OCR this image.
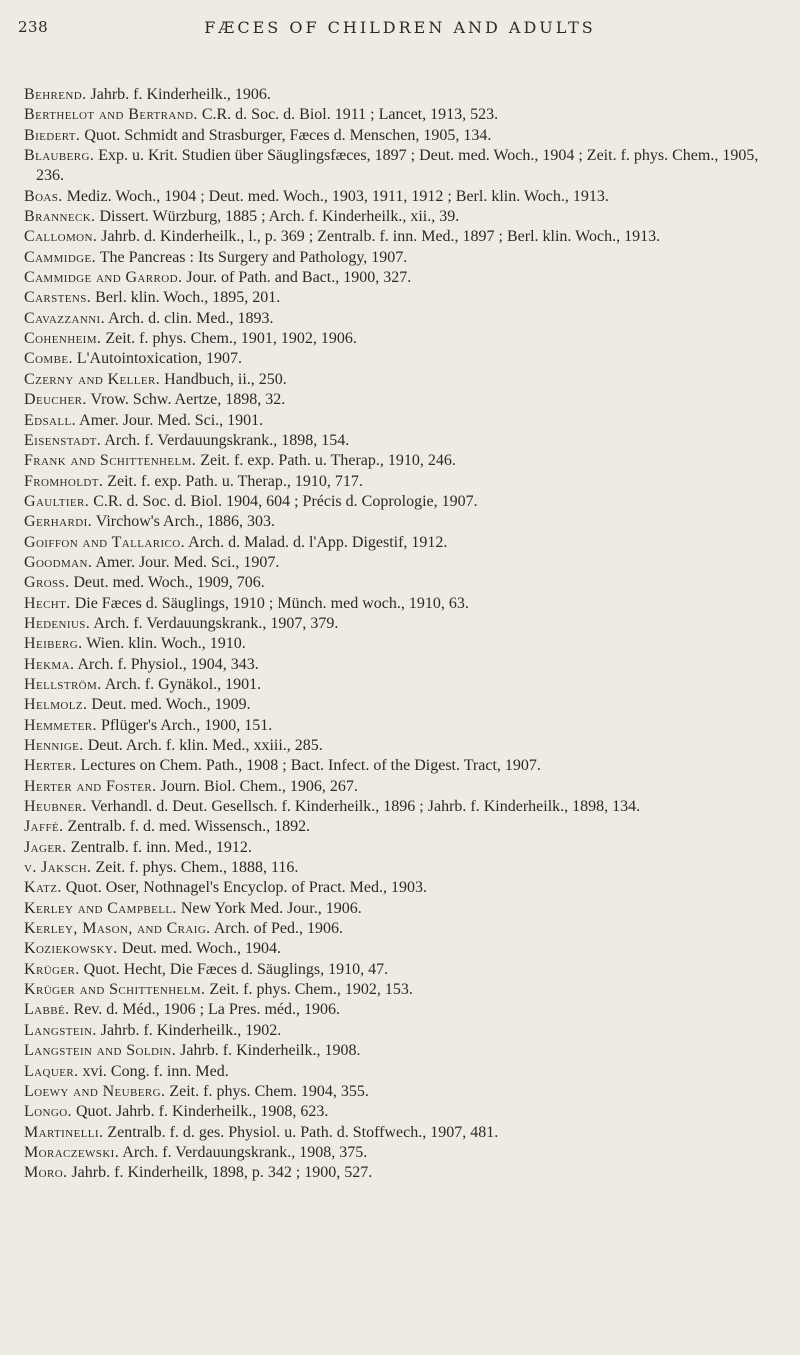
238	FÆCES OF CHILDREN AND ADULTS

Behrend. Jahrb. f. Kinderheilk., 1906.

Berthelot and Bertrand. C.R. d. Soc. d. Biol. 1911 ; Lancet, 1913, 523.

Biedert. Quot. Schmidt and Strasburger, Fæces d. Menschen, 1905, 134.

Blauberg. Exp. u. Krit. Studien über Säuglingsfæces, 1897 ; Deut. med. Woch., 1904 ; Zeit. f. phys. Chem., 1905, 236.

Boas. Mediz. Woch., 1904 ; Deut. med. Woch., 1903, 1911, 1912 ; Berl. klin. Woch., 1913.

Branneck. Dissert. Würzburg, 1885 ; Arch. f. Kinderheilk., xii., 39.

Callomon. Jahrb. d. Kinderheilk., l., p. 369 ; Zentralb. f. inn. Med., 1897 ; Berl. klin. Woch., 1913.

Cammidge. The Pancreas : Its Surgery and Pathology, 1907.

Cammidge and Garrod. Jour. of Path. and Bact., 1900, 327.

Carstens. Berl. klin. Woch., 1895, 201.

Cavazzanni. Arch. d. clin. Med., 1893.

Cohenheim. Zeit. f. phys. Chem., 1901, 1902, 1906.

Combe. L'Autointoxication, 1907.

Czerny and Keller. Handbuch, ii., 250.

Deucher. Vrow. Schw. Aertze, 1898, 32.

Edsall. Amer. Jour. Med. Sci., 1901.

Eisenstadt. Arch. f. Verdauungskrank., 1898, 154.

Frank and Schittenhelm. Zeit. f. exp. Path. u. Therap., 1910, 246.

Fromholdt. Zeit. f. exp. Path. u. Therap., 1910, 717.

Gaultier. C.R. d. Soc. d. Biol. 1904, 604 ; Précis d. Coprologie, 1907.

Gerhardi. Virchow's Arch., 1886, 303.

Goiffon and Tallarico. Arch. d. Malad. d. l'App. Digestif, 1912.

Goodman. Amer. Jour. Med. Sci., 1907.

Gross. Deut. med. Woch., 1909, 706.

Hecht. Die Fæces d. Säuglings, 1910 ; Münch. med woch., 1910, 63.

Hedenius. Arch. f. Verdauungskrank., 1907, 379.

Heiberg. Wien. klin. Woch., 1910.

Hekma. Arch. f. Physiol., 1904, 343.

Hellström. Arch. f. Gynäkol., 1901.

Helmolz. Deut. med. Woch., 1909.

Hemmeter. Pflüger's Arch., 1900, 151.

Hennige. Deut. Arch. f. klin. Med., xxiii., 285.

Herter. Lectures on Chem. Path., 1908 ; Bact. Infect. of the Digest. Tract, 1907.

Herter and Foster. Journ. Biol. Chem., 1906, 267.

Heubner. Verhandl. d. Deut. Gesellsch. f. Kinderheilk., 1896 ; Jahrb. f. Kinderheilk., 1898, 134.

Jaffé. Zentralb. f. d. med. Wissensch., 1892.

Jager. Zentralb. f. inn. Med., 1912.

v. Jaksch. Zeit. f. phys. Chem., 1888, 116.

Katz. Quot. Oser, Nothnagel's Encyclop. of Pract. Med., 1903.

Kerley and Campbell. New York Med. Jour., 1906.

Kerley, Mason, and Craig. Arch. of Ped., 1906.

Koziekowsky. Deut. med. Woch., 1904.

Krüger. Quot. Hecht, Die Fæces d. Säuglings, 1910, 47.

Krüger and Schittenhelm. Zeit. f. phys. Chem., 1902, 153.

Labbé. Rev. d. Méd., 1906 ; La Pres. méd., 1906.

Langstein. Jahrb. f. Kinderheilk., 1902.

Langstein and Soldin. Jahrb. f. Kinderheilk., 1908.

Laquer. xvi. Cong. f. inn. Med.

Loewy and Neuberg. Zeit. f. phys. Chem. 1904, 355.

Longo. Quot. Jahrb. f. Kinderheilk., 1908, 623.

Martinelli. Zentralb. f. d. ges. Physiol. u. Path. d. Stoffwech., 1907, 481.

Moraczewski. Arch. f. Verdauungskrank., 1908, 375.

Moro. Jahrb. f. Kinderheilk, 1898, p. 342 ; 1900, 527.
